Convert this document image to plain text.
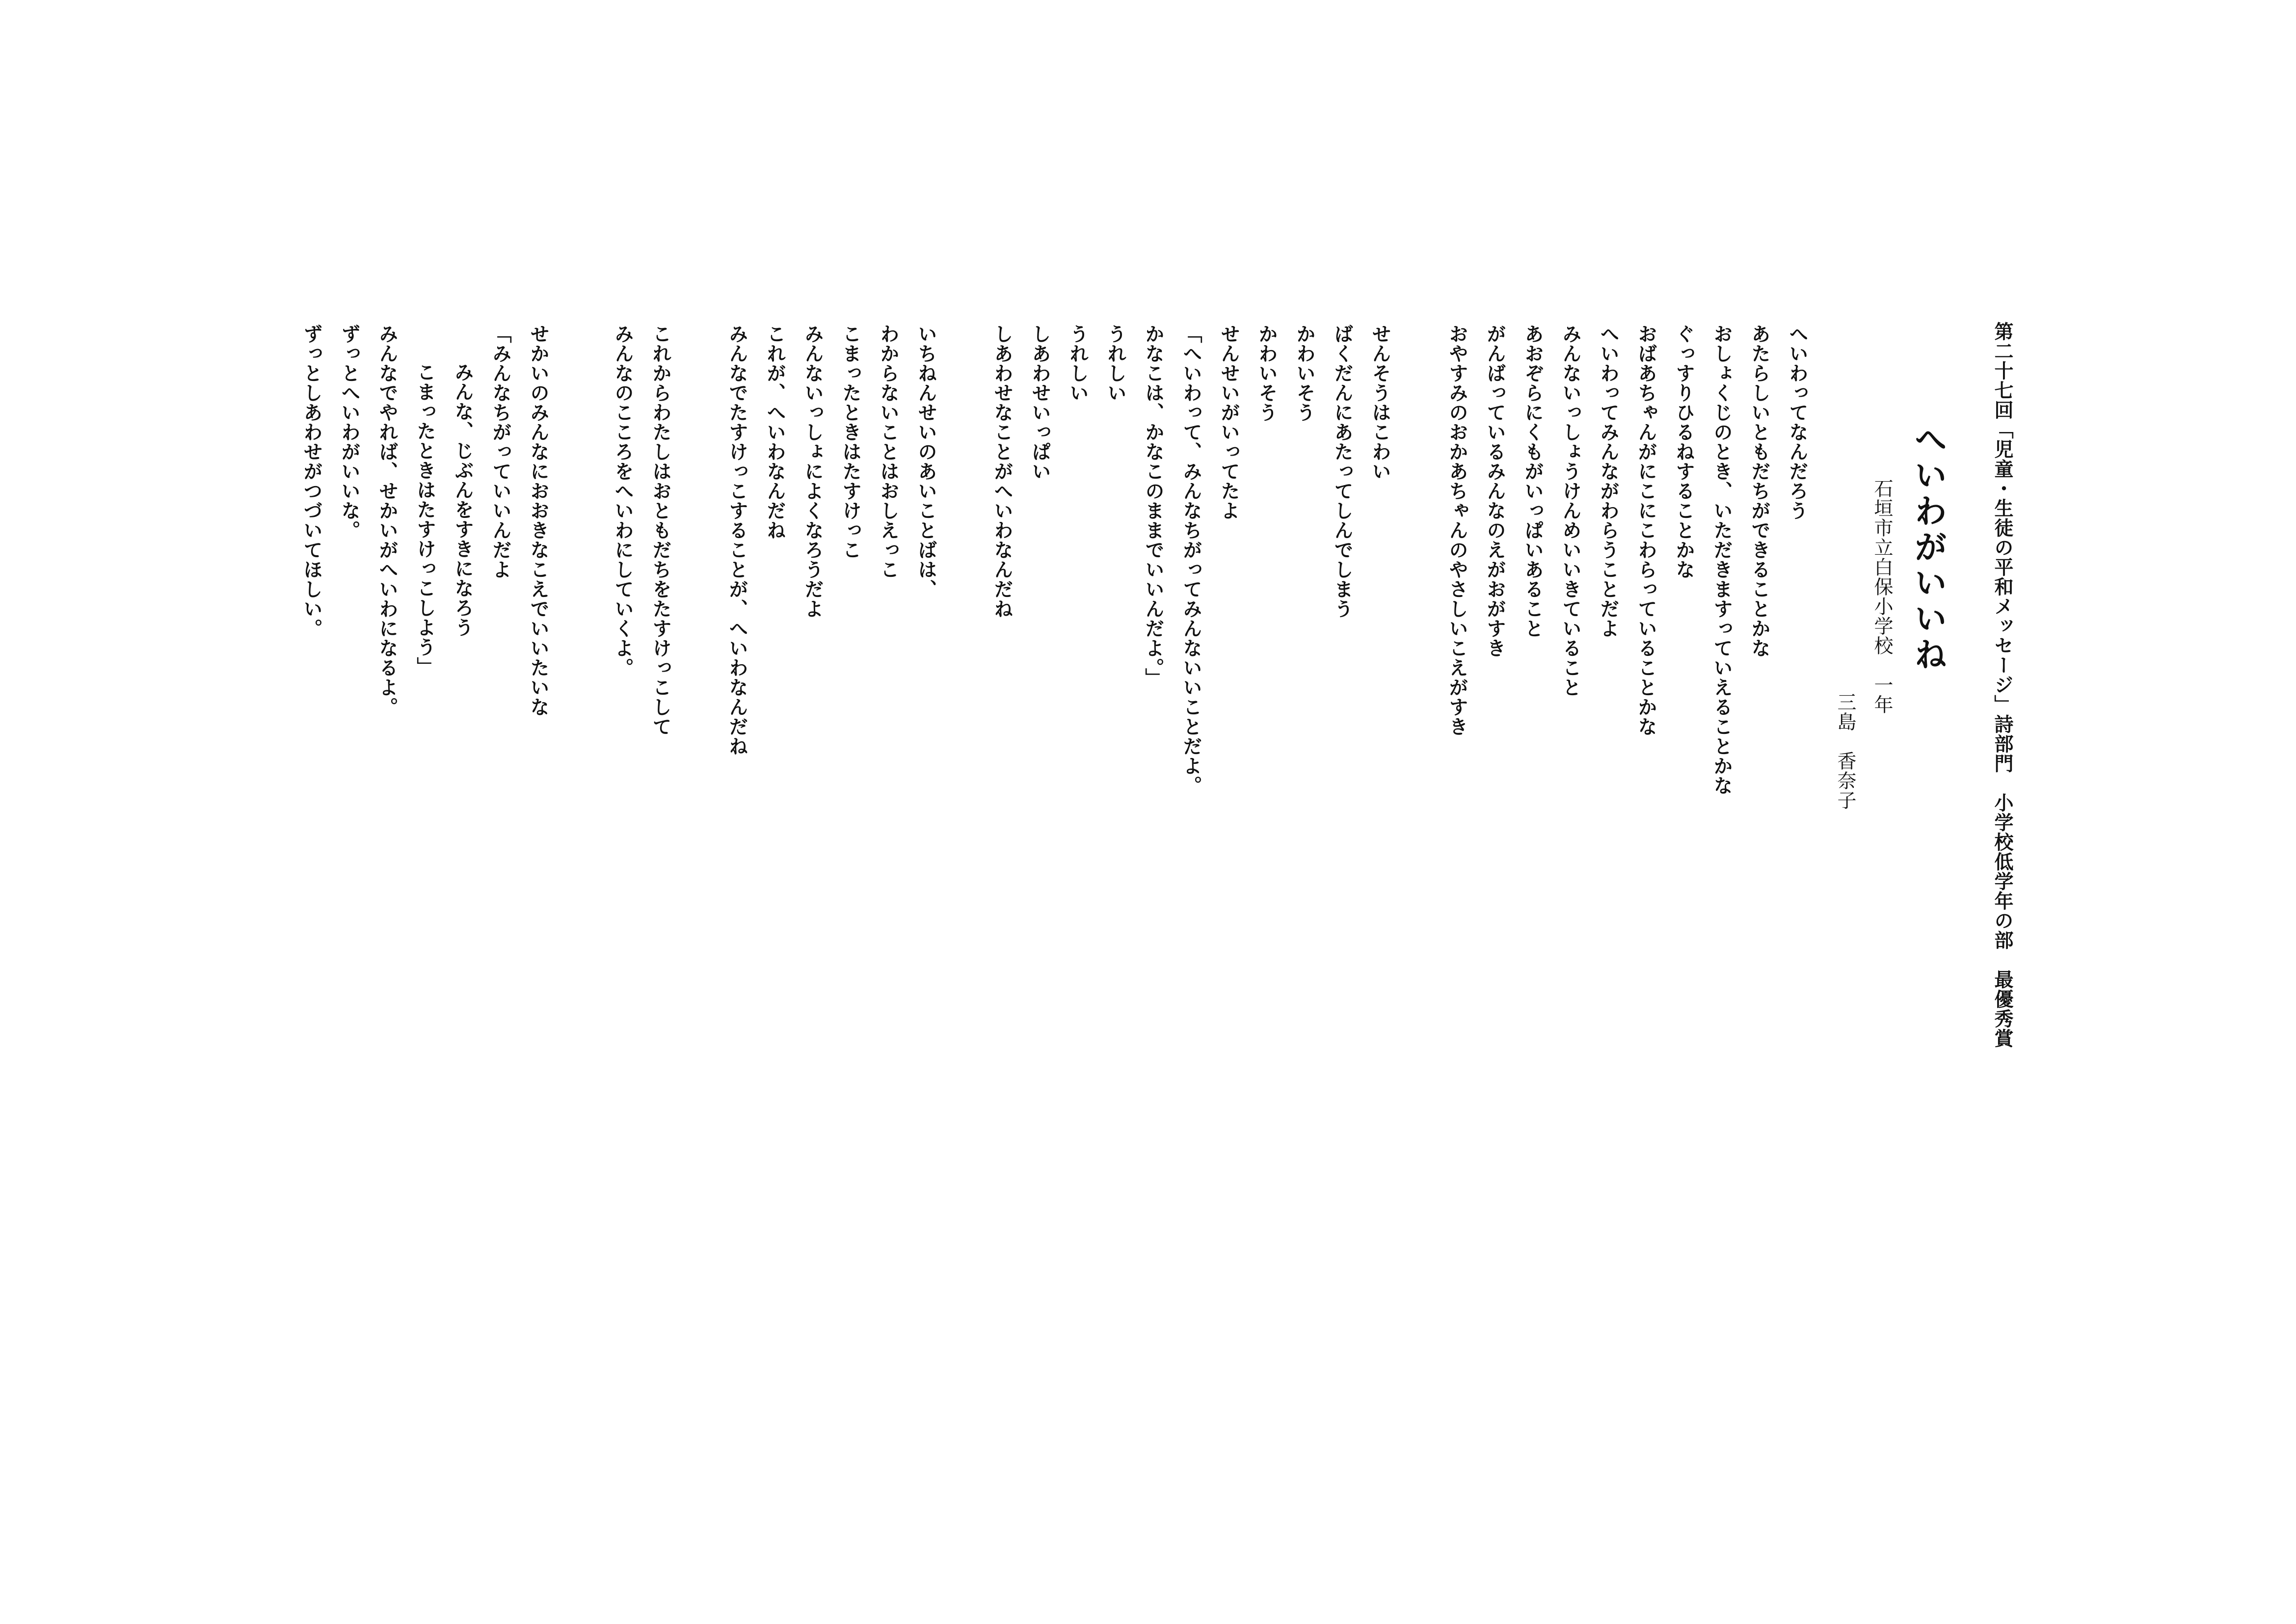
第二十七回「児童・生徒の平和メッセージ」詩部門　小学校低学年の部　最優秀賞
へいわがいいね
石垣市立白保小学校　一年
三島　香奈子
へいわってなんだろう
あたらしいともだちができることかな
おしょくじのとき、いただきますっていえることかな
ぐっすりひるねすることかな
おばあちゃんがにこにこわらっていることかな
へいわってみんながわらうことだよ
みんないっしょうけんめいいきていること
あおぞらにくもがいっぱいあること
がんばっているみんなのえがおがすき
おやすみのおかあちゃんのやさしいこえがすき
せんそうはこわい
ばくだんにあたってしんでしまう
かわいそう
かわいそう
せんせいがいってたよ
「へいわって、みんなちがってみんないいことだよ。
かなこは、かなこのままでいいんだよ。」
うれしい
うれしい
しあわせいっぱい
しあわせなことがへいわなんだね
いちねんせいのあいことばは、
わからないことはおしえっこ
こまったときはたすけっこ
みんないっしょによくなろうだよ
これが、へいわなんだね
みんなでたすけっこすることが、へいわなんだね
これからわたしはおともだちをたすけっこして
みんなのこころをへいわにしていくよ。
せかいのみんなにおおきなこえでいいたいな
「みんなちがっていいんだよ
みんな、じぶんをすきになろう
こまったときはたすけっこしよう」
みんなでやれば、せかいがへいわになるよ。
ずっとへいわがいいな。
ずっとしあわせがつづいてほしい。
